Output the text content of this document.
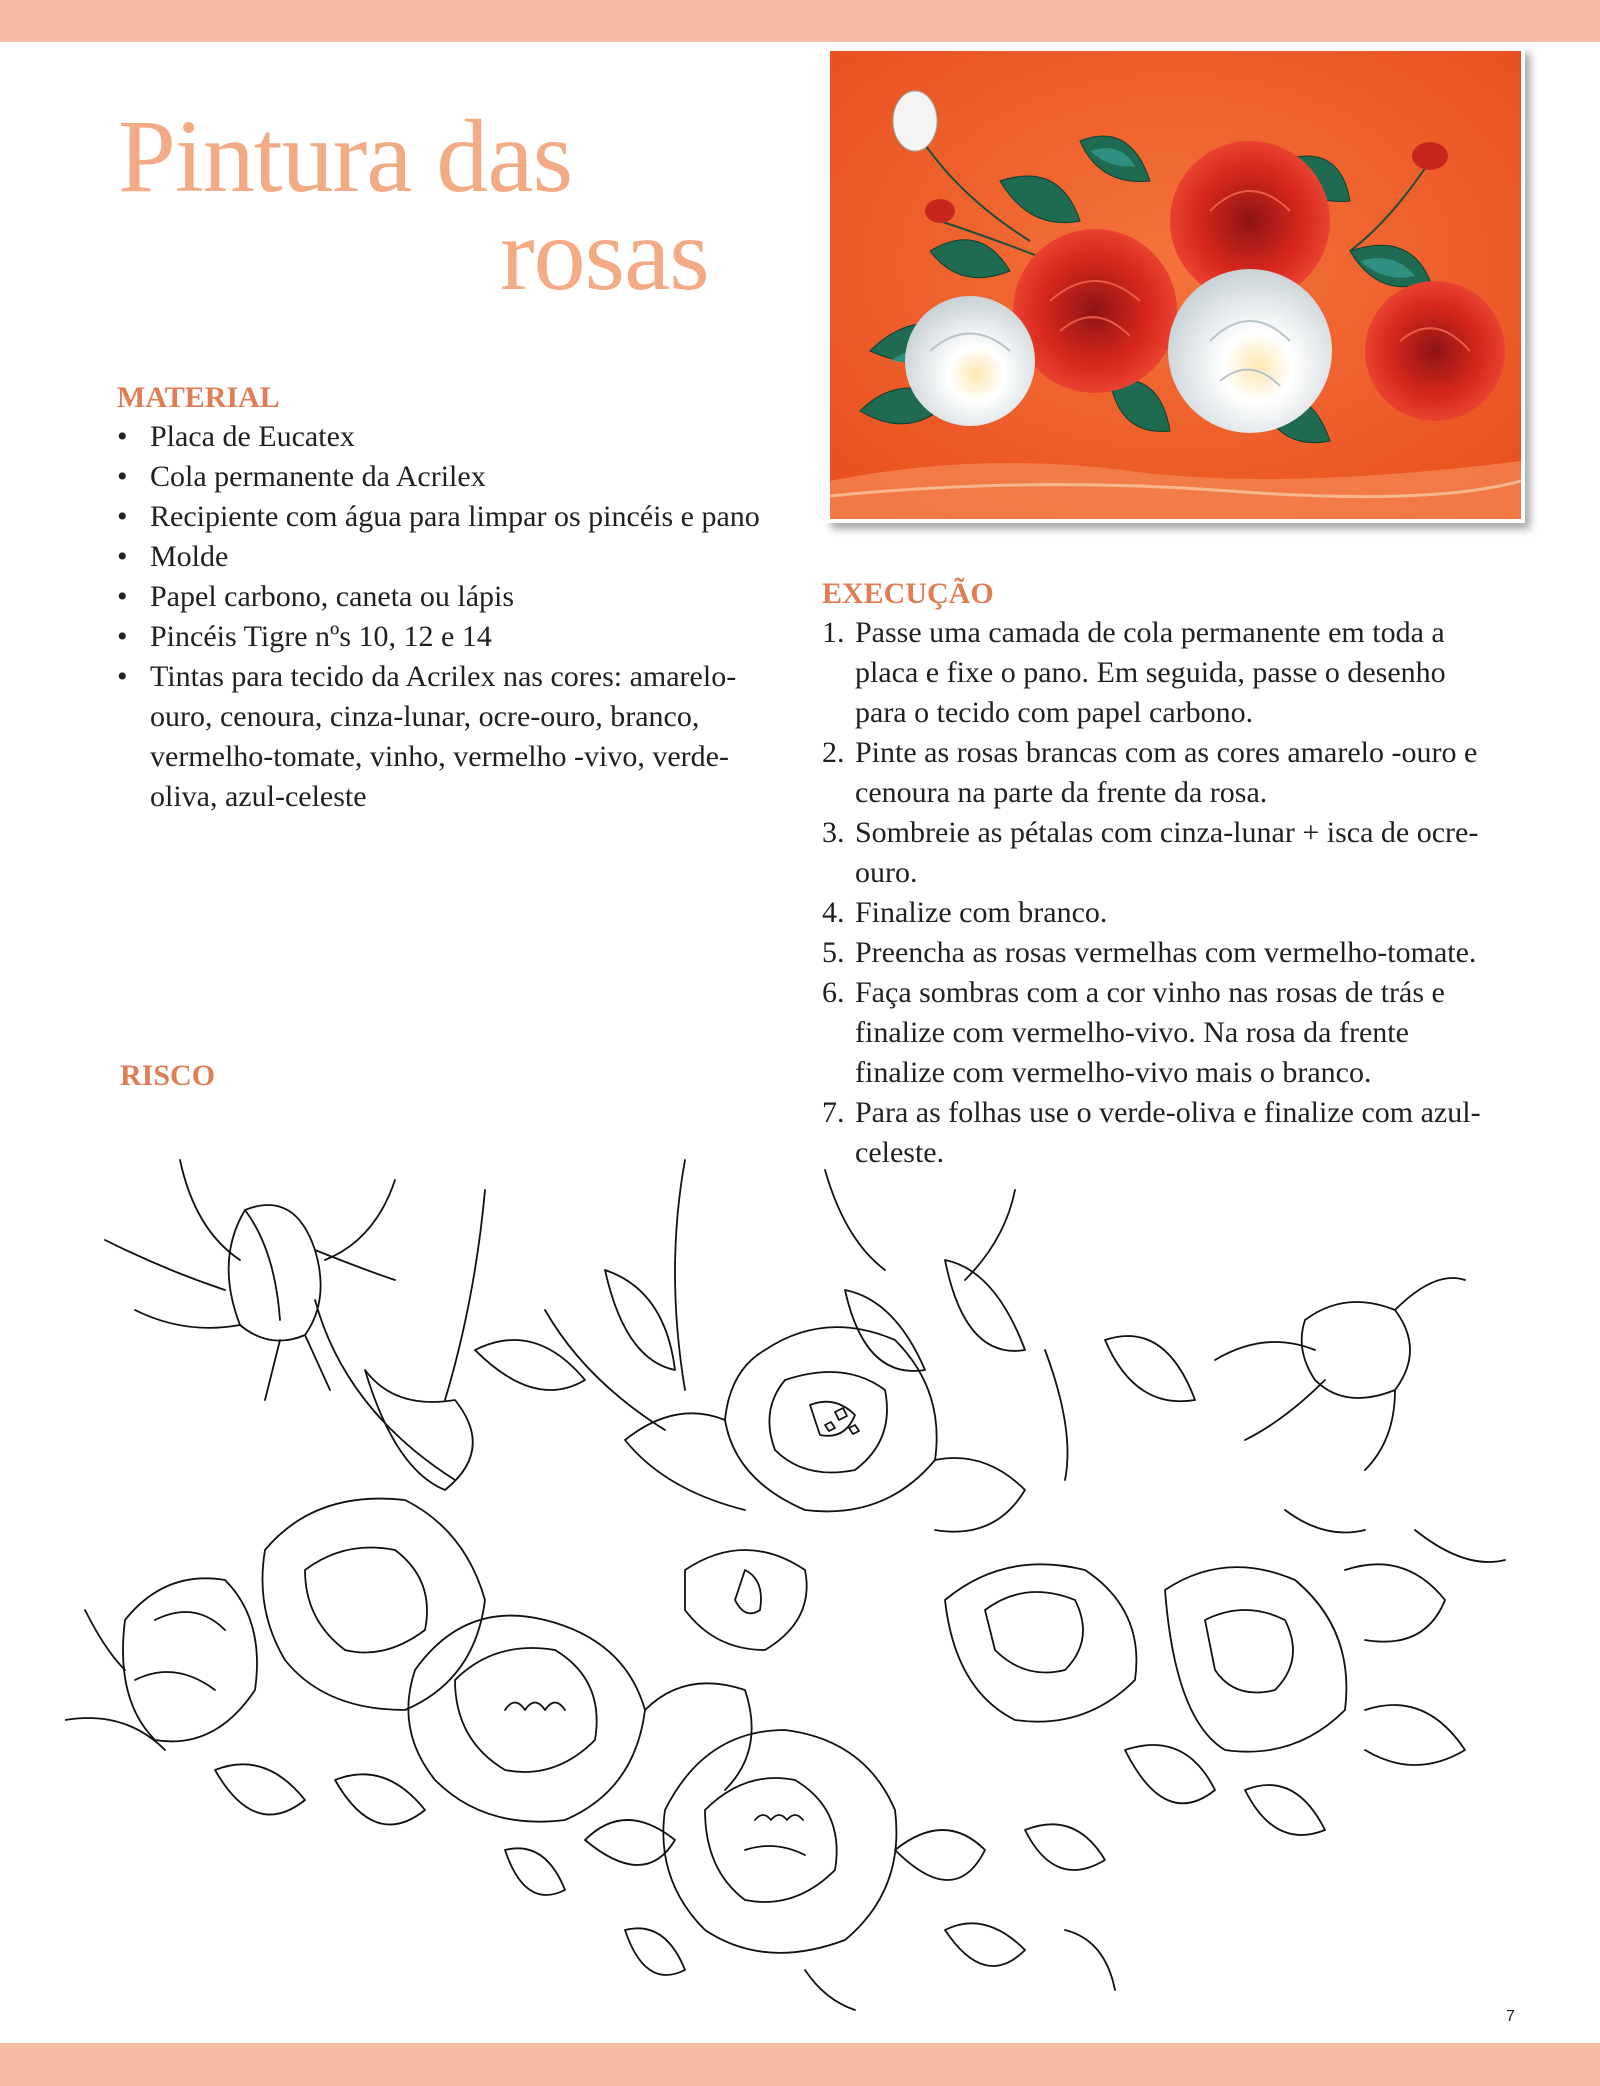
Pintura das
rosas
MATERIAL
• Placa de Eucatex
• Cola permanente da Acrilex
• Recipiente com água para limpar os pincéis e pano
• Molde
• Papel carbono, caneta ou lápis
• Pincéis Tigre nºs 10, 12 e 14
• Tintas para tecido da Acrilex nas cores: amarelo-ouro, cenoura, cinza-lunar, ocre-ouro, branco, vermelho-tomate, vinho, vermelho -vivo, verde-oliva, azul-celeste
EXECUÇÃO
1. Passe uma camada de cola permanente em toda a placa e fixe o pano. Em seguida, passe o desenho para o tecido com papel carbono.
2. Pinte as rosas brancas com as cores amarelo -ouro e cenoura na parte da frente da rosa.
3. Sombreie as pétalas com cinza-lunar + isca de ocre-ouro.
4. Finalize com branco.
5. Preencha as rosas vermelhas com vermelho-tomate.
6. Faça sombras com a cor vinho nas rosas de trás e finalize com vermelho-vivo. Na rosa da frente finalize com vermelho-vivo mais o branco.
7. Para as folhas use o verde-oliva e finalize com azul-celeste.
RISCO
7
